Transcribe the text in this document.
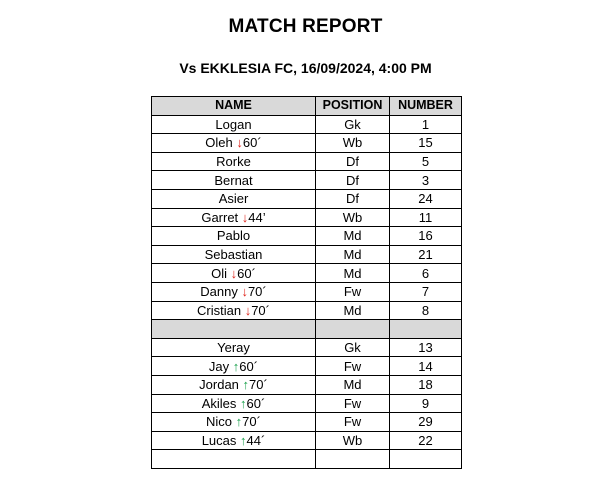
MATCH REPORT
Vs EKKLESIA FC, 16/09/2024, 4:00 PM
NAME	POSITION	NUMBER
Logan	Gk	1
Oleh ↓60´	Wb	15
Rorke	Df	5
Bernat	Df	3
Asier	Df	24
Garret ↓44’	Wb	11
Pablo	Md	16
Sebastian	Md	21
Oli ↓60´	Md	6
Danny ↓70´	Fw	7
Cristian ↓70´	Md	8

Yeray	Gk	13
Jay ↑60´	Fw	14
Jordan ↑70´	Md	18
Akiles ↑60´	Fw	9
Nico ↑70´	Fw	29
Lucas ↑44´	Wb	22
